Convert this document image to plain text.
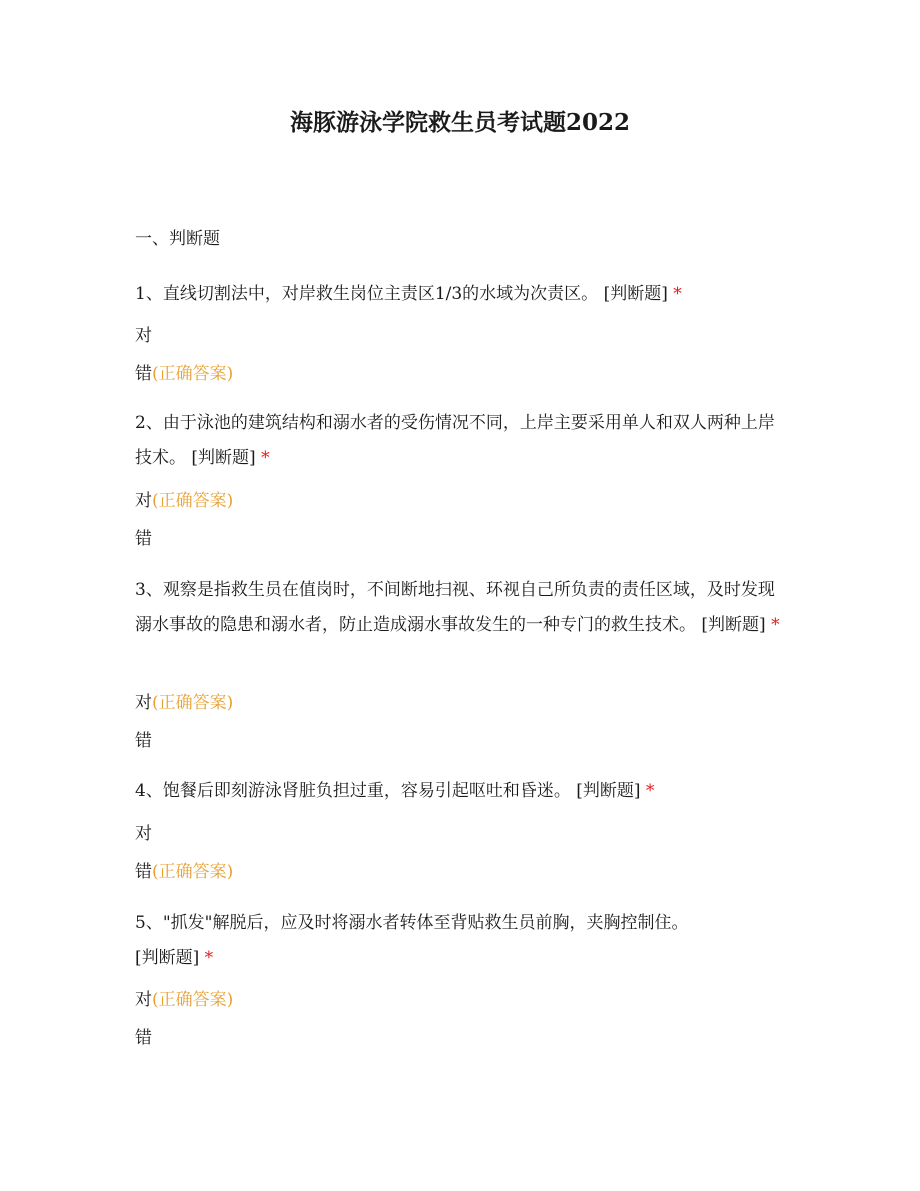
海豚游泳学院救生员考试题2022
一、判断题
1、直线切割法中，对岸救生岗位主责区1/3的水域为次责区。 [判断题] *
对
错(正确答案)
2、由于泳池的建筑结构和溺水者的受伤情况不同，上岸主要采用单人和双人两种上岸技术。 [判断题] *
对(正确答案)
错
3、观察是指救生员在值岗时，不间断地扫视、环视自己所负责的责任区域，及时发现溺水事故的隐患和溺水者，防止造成溺水事故发生的一种专门的救生技术。 [判断题] *
对(正确答案)
错
4、饱餐后即刻游泳肾脏负担过重，容易引起呕吐和昏迷。 [判断题] *
对
错(正确答案)
5、"抓发"解脱后，应及时将溺水者转体至背贴救生员前胸，夹胸控制住。
[判断题] *
对(正确答案)
错
